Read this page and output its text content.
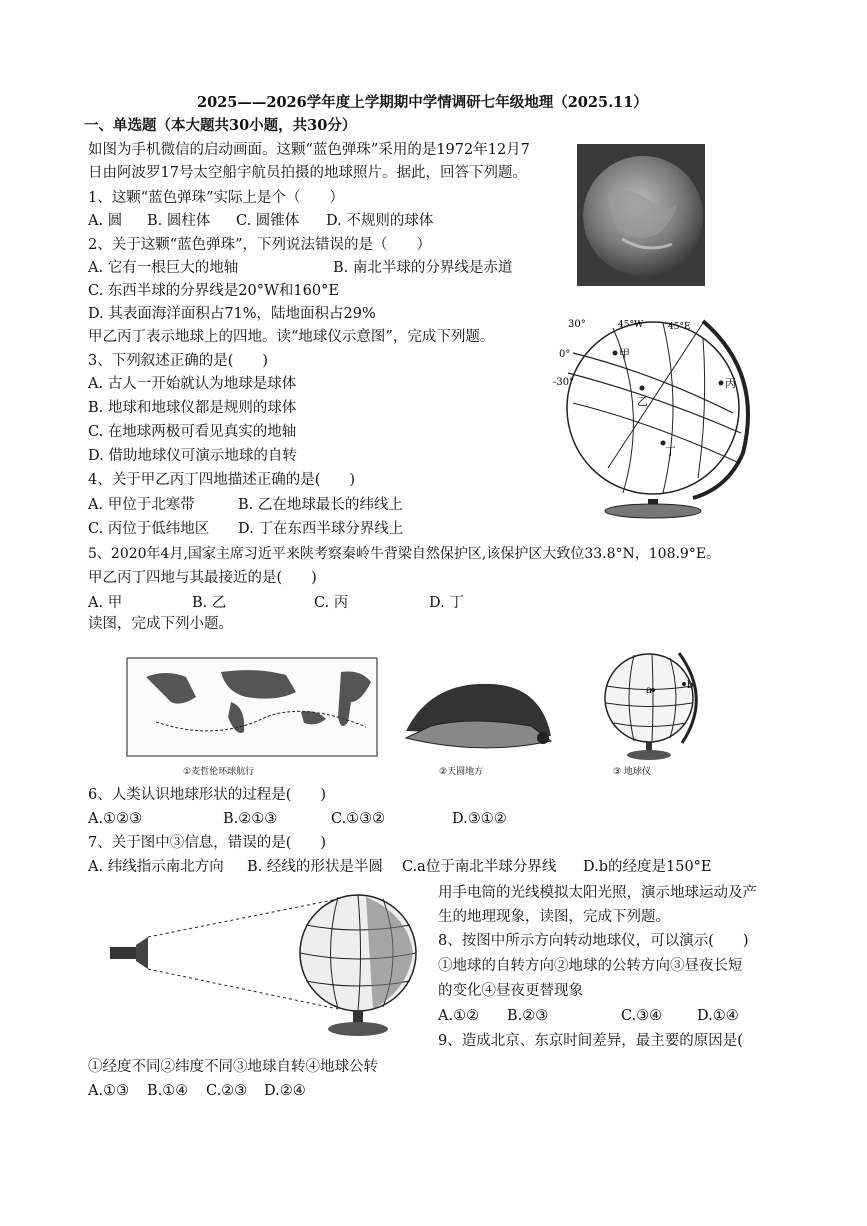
2025——2026学年度上学期期中学情调研七年级地理（2025.11）
一、单选题（本大题共30小题，共30分）
如图为手机微信的启动画面。这颗“蓝色弹珠”采用的是1972年12月7
日由阿波罗17号太空船宇航员拍摄的地球照片。据此，回答下列题。
1、这颗“蓝色弹珠”实际上是个（　　）
A. 圆 B. 圆柱体 C. 圆锥体 D. 不规则的球体
2、关于这颗“蓝色弹珠”，下列说法错误的是（　　）
A. 它有一根巨大的地轴	B. 南北半球的分界线是赤道
C. 东西半球的分界线是20°W和160°E
D. 其表面海洋面积占71%，陆地面积占29%
甲乙丙丁表示地球上的四地。读“地球仪示意图”，完成下列题。
30°
0°
-30°
甲
乙
丙
丁
45°W	45°E
3、下列叙述正确的是(　　)
A. 古人一开始就认为地球是球体
B. 地球和地球仪都是规则的球体
C. 在地球两极可看见真实的地轴
D. 借助地球仪可演示地球的自转
4、关于甲乙丙丁四地描述正确的是(　　)
A. 甲位于北寒带	B. 乙在地球最长的纬线上
C. 丙位于低纬地区 D. 丁在东西半球分界线上
5、2020年4月,国家主席习近平来陕考察秦岭牛背梁自然保护区,该保护区大致位33.8°N，108.9°E。
甲乙丙丁四地与其最接近的是(　　)
A. 甲	B. 乙	C. 丙	D. 丁
读图，完成下列小题。
①麦哲伦环球航行	②天圆地方
a	b
③ 地球仪
6、人类认识地球形状的过程是(　　)
A.①②③	B.②①③	C.①③②	D.③①②
7、关于图中③信息，错误的是(　　)
A. 纬线指示南北方向 B. 经线的形状是半圆 C.a位于南北半球分界线 D.b的经度是150°E
用手电筒的光线模拟太阳光照，演示地球运动及产
生的地理现象，读图，完成下列题。
8、按图中所示方向转动地球仪，可以演示(　　)
①地球的自转方向②地球的公转方向③昼夜长短
的变化④昼夜更替现象
A.①② B.②③	C.③④ D.①④
9、造成北京、东京时间差异，最主要的原因是(
①经度不同②纬度不同③地球自转④地球公转
A.①③ B.①④ C.②③ D.②④
